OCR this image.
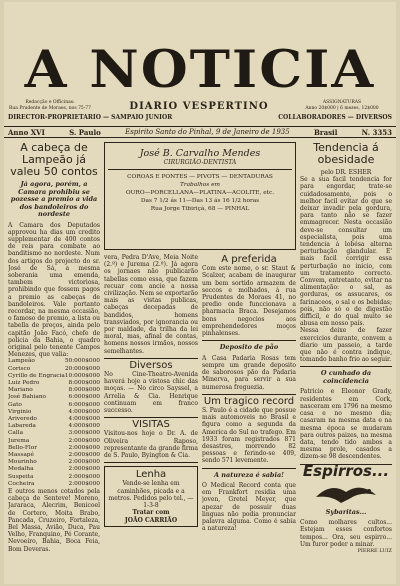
A NOTICIA
Redacção e Officinas:
Rua Prudente de Moraes, nos 75-77	DIARIO VESPERTINO	ASSIGNATURAS
Anno 20$000 | 6 mezes, 12$000
DIRECTOR-PROPRIETARIO — SAMPAIO JUNIOR	COLLABORADORES — DIVERSOS
Anno XVI	S. Paulo	Espirito Santo do Pinhal, 9 de Janeiro de 1935	Brasil	N. 3353
A cabeça de Lampeão já valeu 50 contos
Já agora, porém, a Camara prohibiu se pozesse a premio a vida dos bandoleiros do nordeste

A Camara dos Deputados approvou ha dias um credito supplementar de 400 contos de reis para combate ao banditismo no nordeste. Num dos artigos do projecto do sr. José de Sá, a mesma soberania uma emenda, tambem victoriosa, prohibindo que fossem pagos a premio as cabeças de bandoleiros. Vale portanto recordar, na mesma occasião, o famoso de premio, a lista ou tabella de preços, ainda pelo capitão João Facó, chefe de policia da Bahia, o quadro original pelo tenente Campos Menezes, que valia:

Lampeão	50:000$000
Corisco	20:000$000
Cyrillo de Engracia 10:000$000
Luiz Pedro	8:000$000
Mariano	8:000$000
José Bahiano	6:000$000
Gato	6:000$000
Virginio	4:000$000
Ariveredo	4:000$000
Labareda	4:000$000
Calla	3:000$000
Jurema	2:000$000
Bello-Flor	2:000$000
Massapé	2:000$000
Mourinho	2:000$000
Medalha	2:000$000
Suspeita	2:000$000
Cocheira	2:000$000

E outros menos cotados pela cabeça de Senteve! Moreno, Jararaca, Alecrim, Benicoel de Cortero, Moita Brabo, Pancada, Cruzeiro, Fortaleza, Bel Massa, Avião, Duca, Pau Velho, Franquino, Pé Corante, Nevoeiro, Bahia, Boca Feia, Bom Deveras.

José B. Carvalho Mendes
CIRURGIÃO-DENTISTA
COROAS E PONTES — PIVOTS — DENTADURAS
Trabalhos em
OURO—PORCELLANA—PLATINA—ACOLITE, etc.
Das 7 1/2 ás 11—Das 13 ás 16 1/2 horas
Rua Jorge Tibiriçá, 68 — PINHAL

vera, Pedra D'Ave, Meia Noite (2.º) e Jurema (2.º). Já agora os jornaes não publicarão tabellas como essa, que fazem recuar com ancie a nossa civilização. Nem se exportarão mais as vistas publicas, cabeças decepadas de bandidos, homens transviados, por ignorancia ou por maldade, da trilha da lei moral, mas, afinal de contas, homens nossos irmãos, nossos semelhantes.

Diversos

No Cine-Theatro-Avenida haverá hoje a vistosa chic das moças. — No circo Sayssel, a Arrelia & Cia. Henrique continuam em franco successo.

VISITAS

Visitou-nos hoje o Dr. A. de Oliveira Raposo, representante da grande firma de S. Paulo, Byington & Cia.

Lenha

Vende-se lenha em caminhões, picada e a metros. Pedidos pelo tel., — 1-3-8

Tratar com

JOÃO CARRIÃO

A preferida

Com este nome, o sr. Staut & Scalzer, acabam de inaugurar um bem sortido armazem de seccos e molhados, á rua Prudentes de Moraes 41, no predio onde funccionava a pharmacia Braca. Desejamos bons negocios aos emprehendedores moços pinhalenses.

Deposito de pão

A Casa Padaria Rosas tem sempre um grande deposito de saborosos pão da Padaria Minerva, para servir a sua numerosa freguezia.

Um tragico record

S. Paulo é a cidade que possue mais automoveis no Brasil e figura como a segunda da America do Sul no trafego. Em 1933 foram registrados 871 desastres, morrendo 82 pessoas e ferindo-se 409, sendo 571 levemente.

A natureza é sabia!

O Medical Record conta que em Frankfort residia uma joven, Gretel Meyer, que apezar de possuir duas linguas não podia pronunciar palavra alguma. Como é sabia a natureza!

Tendencia á obesidade
pelo DR. ESHER

Se a sua facil tendencia for para engordar, trate-se cuidadosamente, pois o melhor facil evitar do que se deixar invadir pela gordura, para tanto não se fazer emmagrecer. Nesta occasião deve-se consultar um especialista, pois uma tendencia á lobésa alterna perturbação glandular. E' mais facil corrigir essa perturbação no inicio, com um tratamento correcto. Convem, entretanto, evitar na alimentação: o sal, as gorduras, os assucares, os farinaceos, o sal e os bebidas; pois, não só o de digestão difficil, e do qual muito se abusa em nosso país.

Nessa deixe de fazer exercicios durante, convem a diario um passeio, a tarde que não é contra indique, tomando banho frio ao seguir.

O cunhado da coincidencia

Patricio e Eleonor Grady, residentes em Cork, nasceram em 1796 na mesmo casa e no mesmo dia; casaram na mesma data e na mesma época se mudaram para outros paizes, na mesma data, tendo tido ambos a mesma prole, casados a dizem-se 98 descendentes.

Espirros...
Sybaritas...

Como molhares cultos... Estejam esses confortos tempos... Ora, seu espirro... Um furor poder a minar.

PIERRE LUIZ
